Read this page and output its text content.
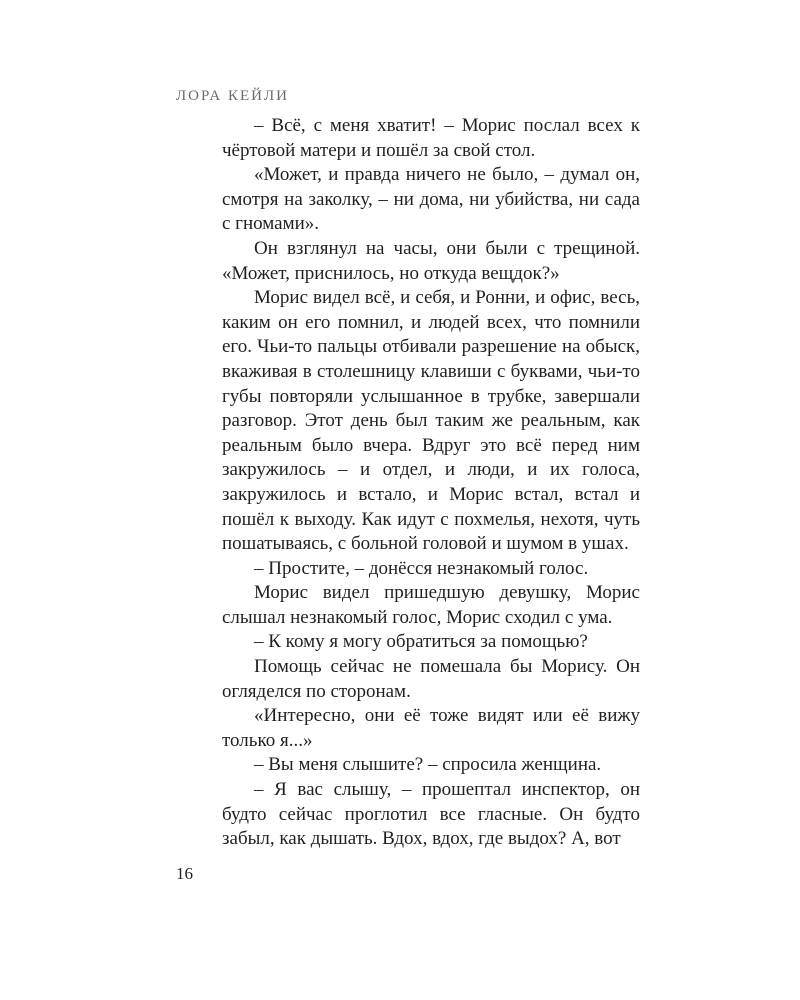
ЛОРА КЕЙЛИ

– Всё, с меня хватит! – Морис послал всех к чёртовой матери и пошёл за свой стол.

«Может, и правда ничего не было, – думал он, смотря на заколку, – ни дома, ни убийства, ни сада с гномами».

Он взглянул на часы, они были с трещиной. «Может, приснилось, но откуда вещдок?»

Морис видел всё, и себя, и Ронни, и офис, весь, каким он его помнил, и людей всех, что помнили его. Чьи-то пальцы отбивали разрешение на обыск, вкаживая в столешницу клавиши с буквами, чьи-то губы повторяли услышанное в трубке, завершали разговор. Этот день был таким же реальным, как реальным было вчера. Вдруг это всё перед ним закружилось – и отдел, и люди, и их голоса, закружилось и встало, и Морис встал, встал и пошёл к выходу. Как идут с похмелья, нехотя, чуть пошатываясь, с больной головой и шумом в ушах.

– Простите, – донёсся незнакомый голос.

Морис видел пришедшую девушку, Морис слышал незнакомый голос, Морис сходил с ума.

– К кому я могу обратиться за помощью?

Помощь сейчас не помешала бы Морису. Он огляделся по сторонам.

«Интересно, они её тоже видят или её вижу только я...»

– Вы меня слышите? – спросила женщина.

– Я вас слышу, – прошептал инспектор, он будто сейчас проглотил все гласные. Он будто забыл, как дышать. Вдох, вдох, где выдох? А, вот

16
